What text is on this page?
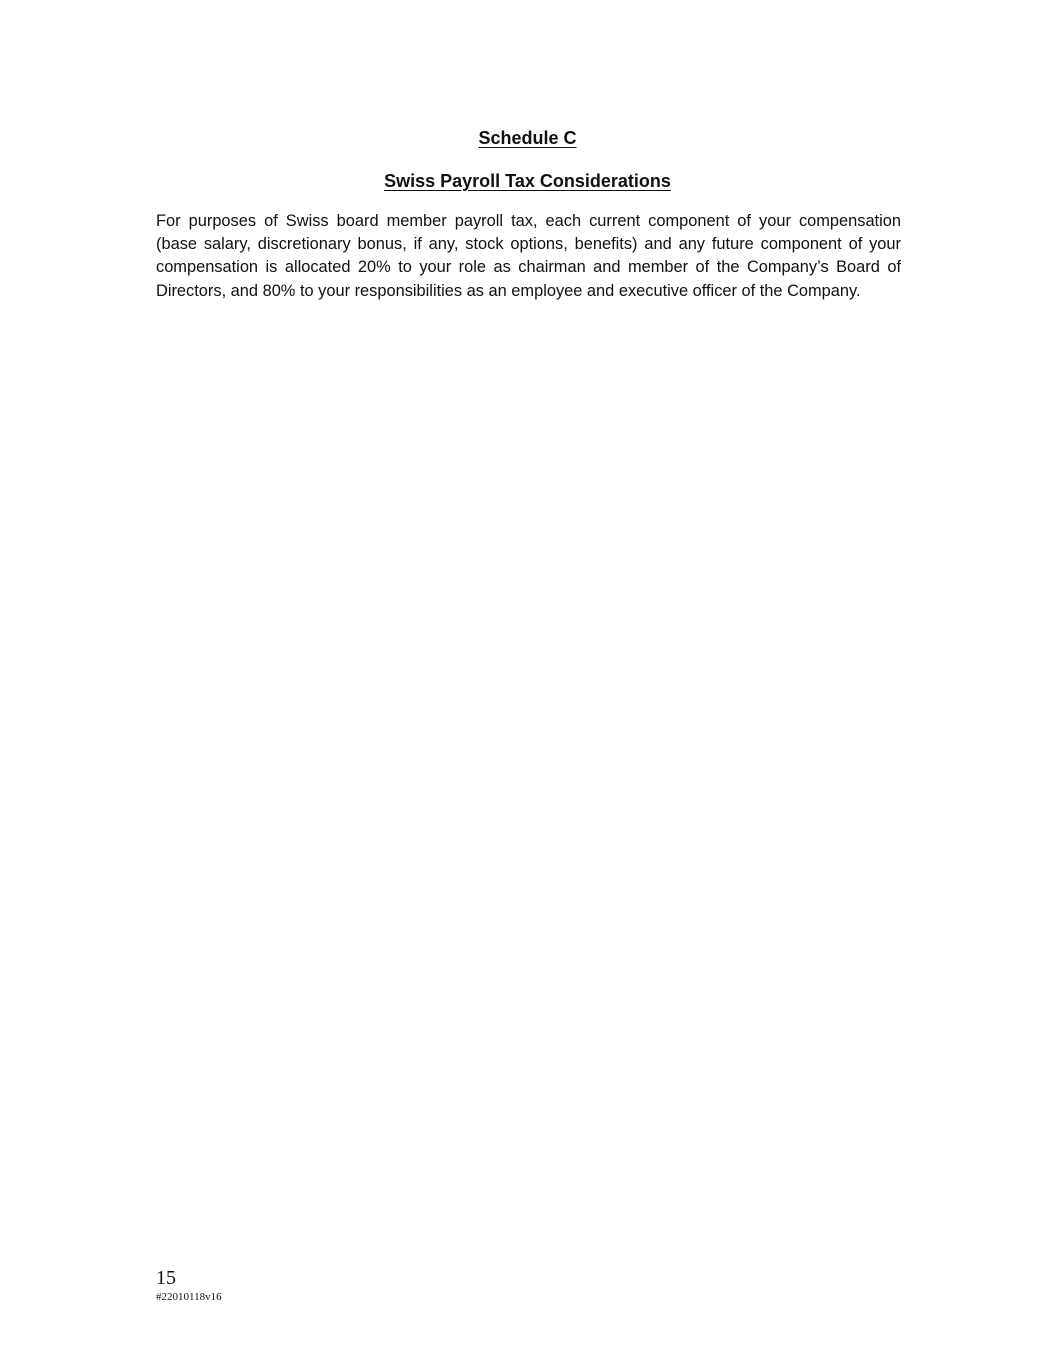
Schedule C
Swiss Payroll Tax Considerations

For purposes of Swiss board member payroll tax, each current component of your compensation (base salary, discretionary bonus, if any, stock options, benefits) and any future component of your compensation is allocated 20% to your role as chairman and member of the Company’s Board of Directors, and 80% to your responsibilities as an employee and executive officer of the Company.

15
#22010118v16
